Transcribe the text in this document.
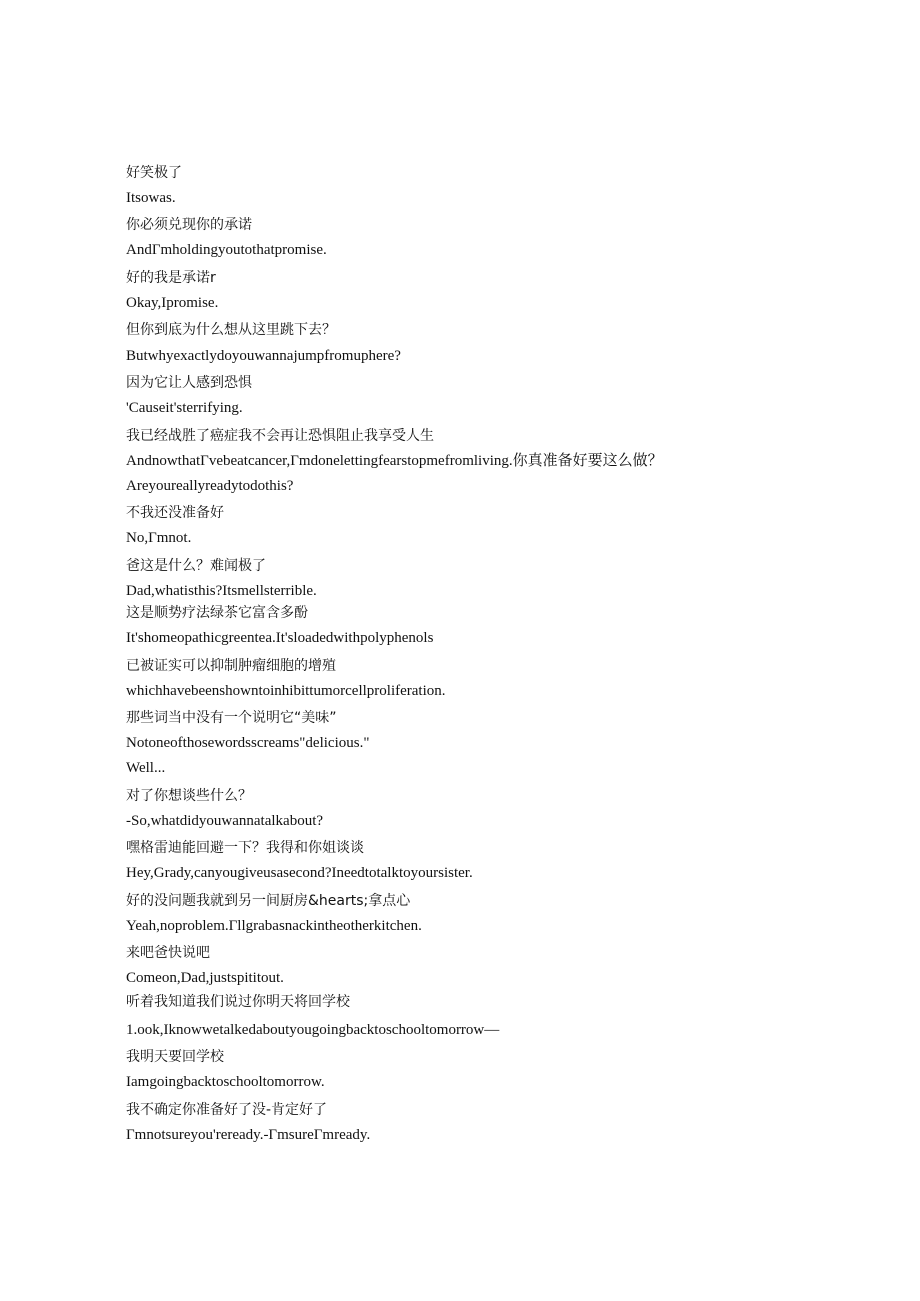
好笑极了
Itsowas.
你必须兑现你的承诺
AndΓmholdingyoutothatpromise.
好的我是承诺r
Okay,Ipromise.
但你到底为什么想从这里跳下去？
Butwhyexactlydoyouwannajumpfromuphere?
因为它让人感到恐惧
'Causeit'sterrifying.
我已经战胜了癌症我不会再让恐惧阻止我享受人生
AndnowthatΓvebeatcancer,Γmdonelettingfearstopmefromliving.你真准备好要这么做？
Areyoureallyreadytodothis?
不我还没准备好
No,Γmnot.
爸这是什么？难闻极了
Dad,whatisthis?Itsmellsterrible.
这是顺势疗法绿茶它富含多酚
It'shomeopathicgreentea.It'sloadedwithpolyphenols
已被证实可以抑制肿瘤细胞的增殖
whichhavebeenshowntoinhibittumorcellproliferation.
那些词当中没有一个说明它“美味”
Notoneofthosewordsscreams"delicious."
Well...
对了你想谈些什么？
-So,whatdidyouwannatalkabout?
嘿格雷迪能回避一下？我得和你姐谈谈
Hey,Grady,canyougiveusasecond?Ineedtotalktoyoursister.
好的没问题我就到另一间厨房&hearts;拿点心
Yeah,noproblem.Γllgrabasnackintheotherkitchen.
来吧爸快说吧
Comeon,Dad,justspititout.
听着我知道我们说过你明天将回学校
1.ook,Iknowwetalkedaboutyougoingbacktoschooltomorrow—
我明天要回学校
Iamgoingbacktoschooltomorrow.
我不确定你准备好了没-肯定好了
Γmnotsureyou'reready.-ΓmsureΓmready.
